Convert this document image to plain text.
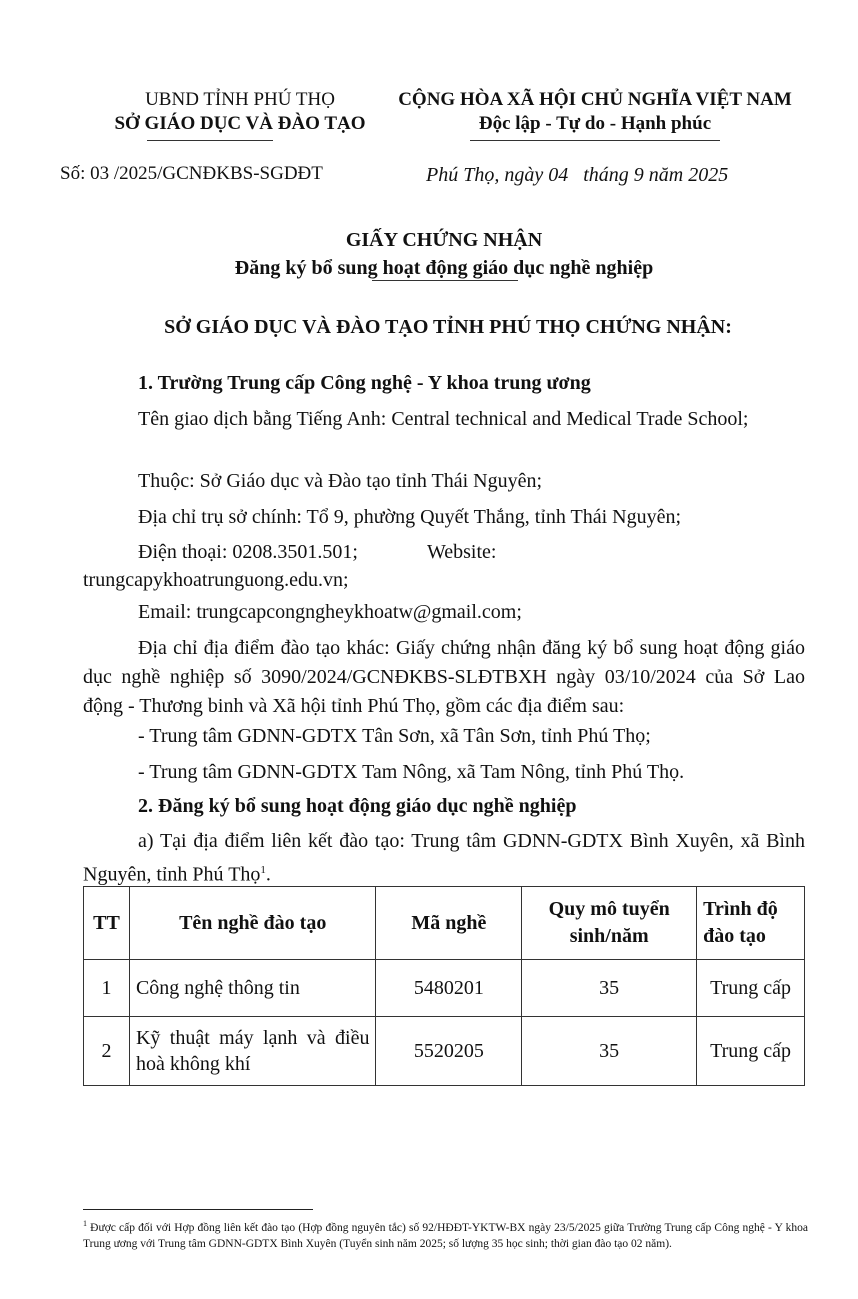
UBND TỈNH PHÚ THỌ
SỞ GIÁO DỤC VÀ ĐÀO TẠO
CỘNG HÒA XÃ HỘI CHỦ NGHĨA VIỆT NAM
Độc lập - Tự do - Hạnh phúc
Số: 03 /2025/GCNĐKBS-SGDĐT	Phú Thọ, ngày 04   tháng 9 năm 2025
GIẤY CHỨNG NHẬN
Đăng ký bổ sung hoạt động giáo dục nghề nghiệp
SỞ GIÁO DỤC VÀ ĐÀO TẠO TỈNH PHÚ THỌ CHỨNG NHẬN:
1. Trường Trung cấp Công nghệ - Y khoa trung ương
Tên giao dịch bằng Tiếng Anh: Central technical and Medical Trade School;
Thuộc: Sở Giáo dục và Đào tạo tỉnh Thái Nguyên;
Địa chỉ trụ sở chính: Tổ 9, phường Quyết Thắng, tỉnh Thái Nguyên;
Điện thoại: 0208.3501.501;	Website:
trungcapykhoatrunguong.edu.vn;
Email: trungcapcongngheykhoatw@gmail.com;
Địa chỉ địa điểm đào tạo khác: Giấy chứng nhận đăng ký bổ sung hoạt động giáo dục nghề nghiệp số 3090/2024/GCNĐKBS-SLĐTBXH ngày 03/10/2024 của Sở Lao động - Thương binh và Xã hội tỉnh Phú Thọ, gồm các địa điểm sau:
- Trung tâm GDNN-GDTX Tân Sơn, xã Tân Sơn, tỉnh Phú Thọ;
- Trung tâm GDNN-GDTX Tam Nông, xã Tam Nông, tỉnh Phú Thọ.
2. Đăng ký bổ sung hoạt động giáo dục nghề nghiệp
a) Tại địa điểm liên kết đào tạo: Trung tâm GDNN-GDTX Bình Xuyên, xã Bình Nguyên, tỉnh Phú Thọ$^1$.
TT	Tên nghề đào tạo	Mã nghề	Quy mô tuyển sinh/năm	Trình độ đào tạo
1	Công nghệ thông tin	5480201	35	Trung cấp
2	Kỹ thuật máy lạnh và điều hoà không khí	5520205	35	Trung cấp
$^1$ Được cấp đối với Hợp đồng liên kết đào tạo (Hợp đồng nguyên tắc) số 92/HĐĐT-YKTW-BX ngày 23/5/2025 giữa Trường Trung cấp Công nghệ - Y khoa Trung ương với Trung tâm GDNN-GDTX Bình Xuyên (Tuyển sinh năm 2025; số lượng 35 học sinh; thời gian đào tạo 02 năm).
